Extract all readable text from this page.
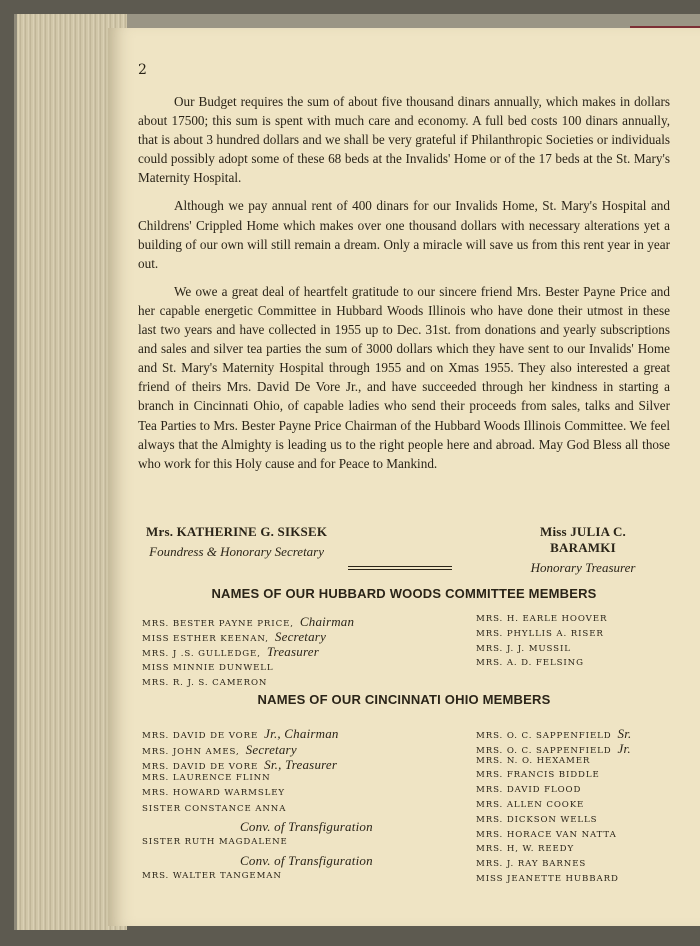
2

Our Budget requires the sum of about five thousand dinars annually, which makes in dollars about 17500; this sum is spent with much care and economy. A full bed costs 100 dinars annually, that is about 3 hundred dollars and we shall be very grateful if Philanthropic Societies or individuals could possibly adopt some of these 68 beds at the Invalids' Home or of the 17 beds at the St. Mary's Maternity Hospital.

Although we pay annual rent of 400 dinars for our Invalids Home, St. Mary's Hospital and Childrens' Crippled Home which makes over one thousand dollars with necessary alterations yet a building of our own will still remain a dream. Only a miracle will save us from this rent year in year out.

We owe a great deal of heartfelt gratitude to our sincere friend Mrs. Bester Payne Price and her capable energetic Committee in Hubbard Woods Illinois who have done their utmost in these last two years and have collected in 1955 up to Dec. 31st. from donations and yearly subscriptions and sales and silver tea parties the sum of 3000 dollars which they have sent to our Invalids' Home and St. Mary's Maternity Hospital through 1955 and on Xmas 1955. They also interested a great friend of theirs Mrs. David De Vore Jr., and have succeeded through her kindness in starting a branch in Cincinnati Ohio, of capable ladies who send their proceeds from sales, talks and Silver Tea Parties to Mrs. Bester Payne Price Chairman of the Hubbard Woods Illinois Committee. We feel always that the Almighty is leading us to the right people here and abroad. May God Bless all those who work for this Holy cause and for Peace to Mankind.

Mrs. KATHERINE G. SIKSEK
Foundress & Honorary Secretary
Miss JULIA C. BARAMKI
Honorary Treasurer
NAMES OF OUR HUBBARD WOODS COMMITTEE MEMBERS
MRS. BESTER PAYNE PRICE, Chairman
MISS ESTHER KEENAN, Secretary
MRS. J .S. GULLEDGE, Treasurer
MISS MINNIE DUNWELL
MRS. R. J. S. CAMERON
MRS. H. EARLE HOOVER
MRS. PHYLLIS A. RISER
MRS. J. J. MUSSIL
MRS. A. D. FELSING
NAMES OF OUR CINCINNATI OHIO MEMBERS
MRS. DAVID DE VORE Jr., Chairman
MRS. JOHN AMES, Secretary
MRS. DAVID DE VORE Sr., Treasurer
MRS. LAURENCE FLINN
MRS. HOWARD WARMSLEY
SISTER CONSTANCE ANNA
Conv. of Transfiguration
SISTER RUTH MAGDALENE
Conv. of Transfiguration
MRS. WALTER TANGEMAN
MRS. O. C. SAPPENFIELD Sr.
MRS. O. C. SAPPENFIELD Jr.
MRS. N. O. HEXAMER
MRS. FRANCIS BIDDLE
MRS. DAVID FLOOD
MRS. ALLEN COOKE
MRS. DICKSON WELLS
MRS. HORACE VAN NATTA
MRS. H, W. REEDY
MRS. J. RAY BARNES
MISS JEANETTE HUBBARD
